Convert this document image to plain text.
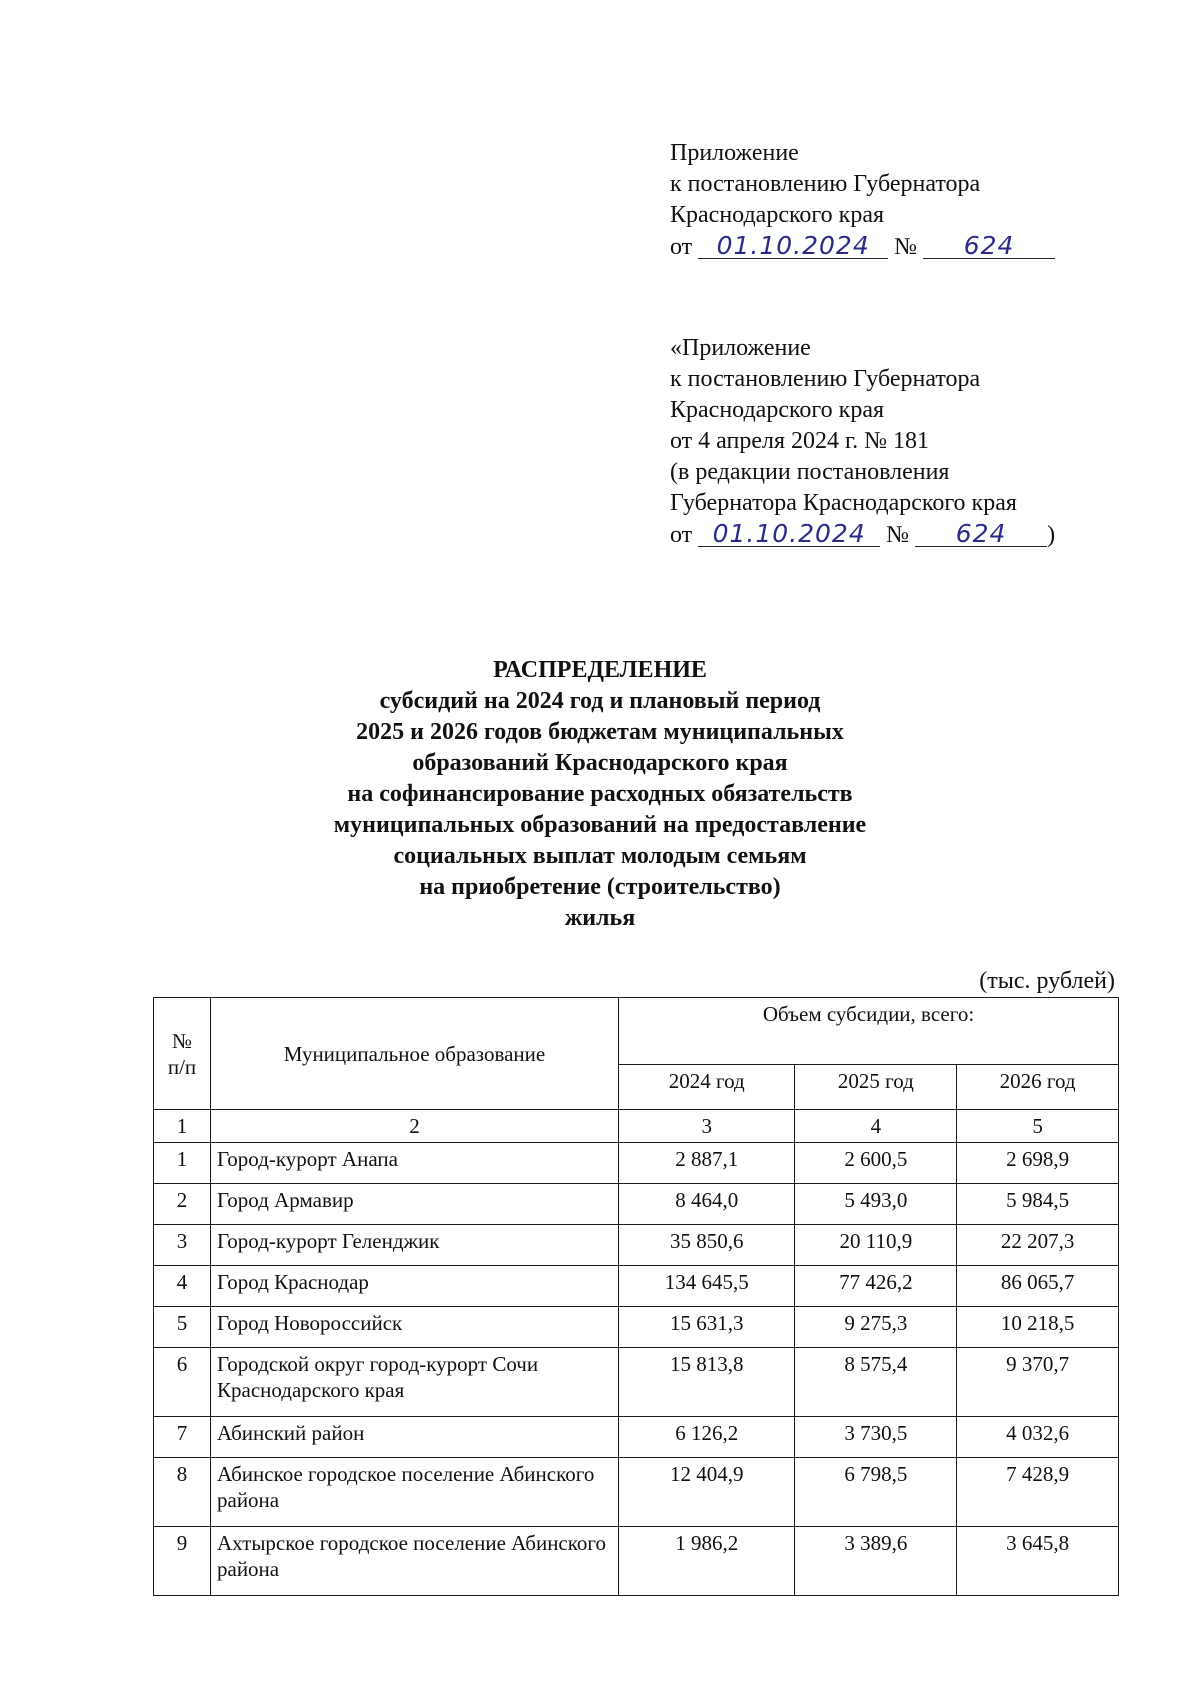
Приложение
к постановлению Губернатора
Краснодарского края
от 01.10.2024 № 624
«Приложение
к постановлению Губернатора
Краснодарского края
от 4 апреля 2024 г. № 181
(в редакции постановления
Губернатора Краснодарского края
от 01.10.2024 № 624 )
РАСПРЕДЕЛЕНИЕ
субсидий на 2024 год и плановый период
2025 и 2026 годов бюджетам муниципальных
образований Краснодарского края
на софинансирование расходных обязательств
муниципальных образований на предоставление
социальных выплат молодым семьям
на приобретение (строительство)
жилья
(тыс. рублей)
№
п/п	Муниципальное образование	Объем субсидии, всего:		
		2024 год	2025 год	2026 год
1	2	3	4	5
1	Город-курорт Анапа	2 887,1	2 600,5	2 698,9
2	Город Армавир	8 464,0	5 493,0	5 984,5
3	Город-курорт Геленджик	35 850,6	20 110,9	22 207,3
4	Город Краснодар	134 645,5	77 426,2	86 065,7
5	Город Новороссийск	15 631,3	9 275,3	10 218,5
6	Городской округ город-курорт Сочи Краснодарского края	15 813,8	8 575,4	9 370,7
7	Абинский район	6 126,2	3 730,5	4 032,6
8	Абинское городское поселение Абинского района	12 404,9	6 798,5	7 428,9
9	Ахтырское городское поселение Абинского района	1 986,2	3 389,6	3 645,8
